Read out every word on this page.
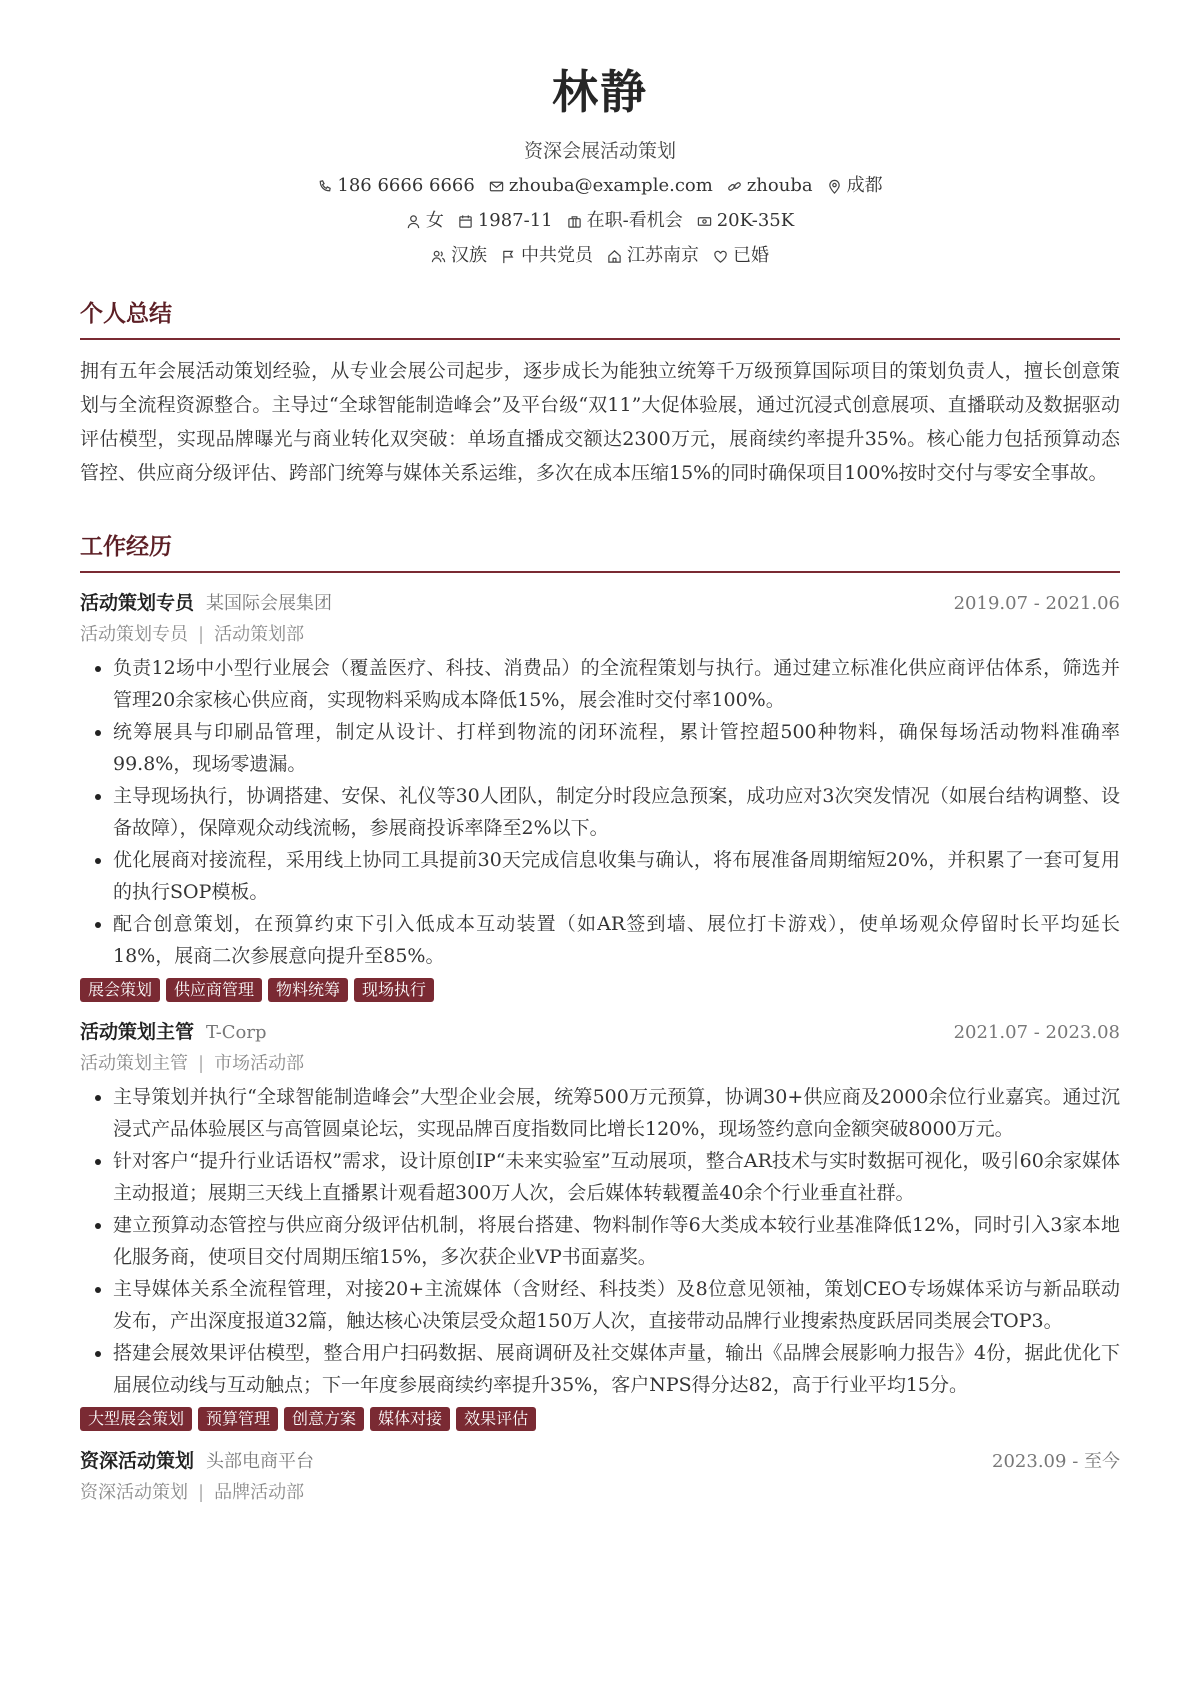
林静
资深会展活动策划
186 6666 6666 zhouba@example.com zhouba 成都
女 1987-11 在职-看机会 20K-35K
汉族 中共党员 江苏南京 已婚
个人总结
拥有五年会展活动策划经验，从专业会展公司起步，逐步成长为能独立统筹千万级预算国际项目的策划负责人，擅长创意策划与全流程资源整合。主导过“全球智能制造峰会”及平台级“双11”大促体验展，通过沉浸式创意展项、直播联动及数据驱动评估模型，实现品牌曝光与商业转化双突破：单场直播成交额达2300万元，展商续约率提升35%。核心能力包括预算动态管控、供应商分级评估、跨部门统筹与媒体关系运维，多次在成本压缩15%的同时确保项目100%按时交付与零安全事故。
工作经历
活动策划专员 某国际会展集团	2019.07 - 2021.06
活动策划专员 | 活动策划部
• 负责12场中小型行业展会（覆盖医疗、科技、消费品）的全流程策划与执行。通过建立标准化供应商评估体系，筛选并管理20余家核心供应商，实现物料采购成本降低15%，展会准时交付率100%。
• 统筹展具与印刷品管理，制定从设计、打样到物流的闭环流程，累计管控超500种物料，确保每场活动物料准确率99.8%，现场零遗漏。
• 主导现场执行，协调搭建、安保、礼仪等30人团队，制定分时段应急预案，成功应对3次突发情况（如展台结构调整、设备故障），保障观众动线流畅，参展商投诉率降至2%以下。
• 优化展商对接流程，采用线上协同工具提前30天完成信息收集与确认，将布展准备周期缩短20%，并积累了一套可复用的执行SOP模板。
• 配合创意策划，在预算约束下引入低成本互动装置（如AR签到墙、展位打卡游戏），使单场观众停留时长平均延长18%，展商二次参展意向提升至85%。
展会策划	供应商管理	物料统筹	现场执行
活动策划主管 T-Corp	2021.07 - 2023.08
活动策划主管 | 市场活动部
• 主导策划并执行“全球智能制造峰会”大型企业会展，统筹500万元预算，协调30+供应商及2000余位行业嘉宾。通过沉浸式产品体验展区与高管圆桌论坛，实现品牌百度指数同比增长120%，现场签约意向金额突破8000万元。
• 针对客户“提升行业话语权”需求，设计原创IP“未来实验室”互动展项，整合AR技术与实时数据可视化，吸引60余家媒体主动报道；展期三天线上直播累计观看超300万人次，会后媒体转载覆盖40余个行业垂直社群。
• 建立预算动态管控与供应商分级评估机制，将展台搭建、物料制作等6大类成本较行业基准降低12%，同时引入3家本地化服务商，使项目交付周期压缩15%，多次获企业VP书面嘉奖。
• 主导媒体关系全流程管理，对接20+主流媒体（含财经、科技类）及8位意见领袖，策划CEO专场媒体采访与新品联动发布，产出深度报道32篇，触达核心决策层受众超150万人次，直接带动品牌行业搜索热度跃居同类展会TOP3。
• 搭建会展效果评估模型，整合用户扫码数据、展商调研及社交媒体声量，输出《品牌会展影响力报告》4份，据此优化下届展位动线与互动触点；下一年度参展商续约率提升35%，客户NPS得分达82，高于行业平均15分。
大型展会策划	预算管理	创意方案	媒体对接	效果评估
资深活动策划 头部电商平台	2023.09 - 至今
资深活动策划 | 品牌活动部
